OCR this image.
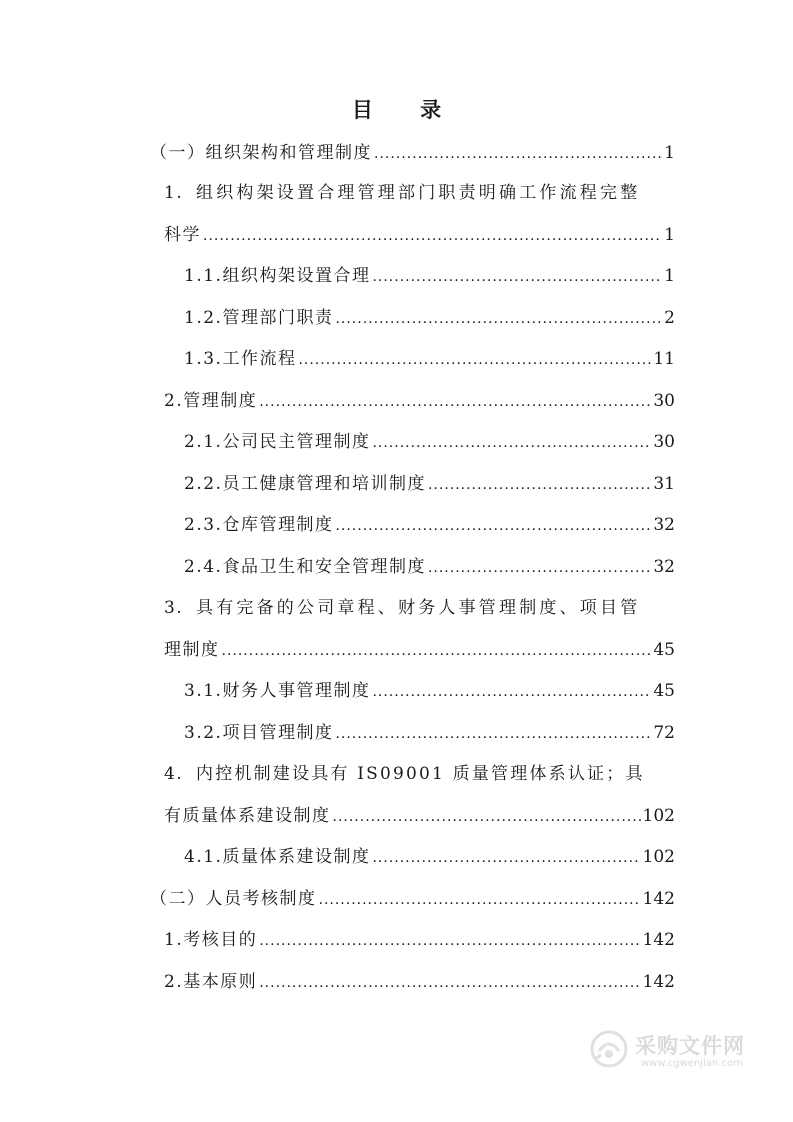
目 录
（一） 组织架构和管理制度 .....	1
1. 组织构架设置合理管理部门职责明确工作流程完整
科学 .....	1
1.1. 组织构架设置合理 .....	1
1.2. 管理部门职责 .....	2
1.3. 工作流程 .....	11
2. 管理制度 .....	30
2.1. 公司民主管理制度 .....	30
2.2. 员工健康管理和培训制度 .....	31
2.3. 仓库管理制度 .....	32
2.4. 食品卫生和安全管理制度 .....	32
3. 具有完备的公司章程、财务人事管理制度、项目管
理制度 .....	45
3.1. 财务人事管理制度 .....	45
3.2. 项目管理制度 .....	72
4. 内控机制建设具有 IS09001 质量管理体系认证；具
有质量体系建设制度 .....	102
4.1. 质量体系建设制度 .....	102
（二） 人员考核制度 .....	142
1. 考核目的 .....	142
2. 基本原则 .....	142
采购文件网
www.cgwenjian.com
